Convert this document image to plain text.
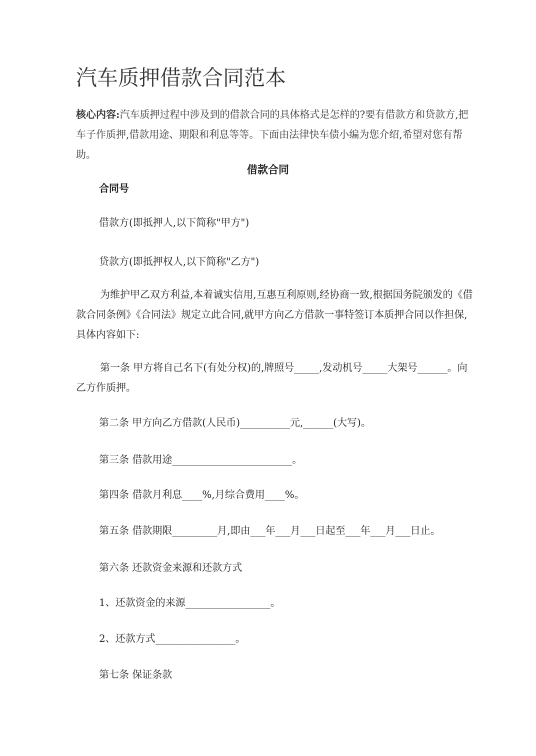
汽车质押借款合同范本
核心内容:汽车质押过程中涉及到的借款合同的具体格式是怎样的?要有借款方和贷款方,把车子作质押,借款用途、期限和利息等等。下面由法律快车债小编为您介绍,希望对您有帮助。
借款合同
合同号
借款方(即抵押人,以下简称"甲方")
贷款方(即抵押权人,以下简称"乙方")
为维护甲乙双方利益,本着诚实信用,互惠互利原则,经协商一致,根据国务院颁发的《借款合同条例》《合同法》规定立此合同,就甲方向乙方借款一事特签订本质押合同以作担保,具体内容如下:
第一条 甲方将自己名下(有处分权)的,牌照号_____,发动机号_____大架号______。向乙方作质押。
第二条 甲方向乙方借款(人民币)__________元,______(大写)。
第三条 借款用途________________________。
第四条 借款月利息____%,月综合费用____%。
第五条 借款期限_________月,即由___年___月___日起至___年___月___日止。
第六条 还款资金来源和还款方式
1、还款资金的来源_________________。
2、还款方式________________。
第七条 保证条款
